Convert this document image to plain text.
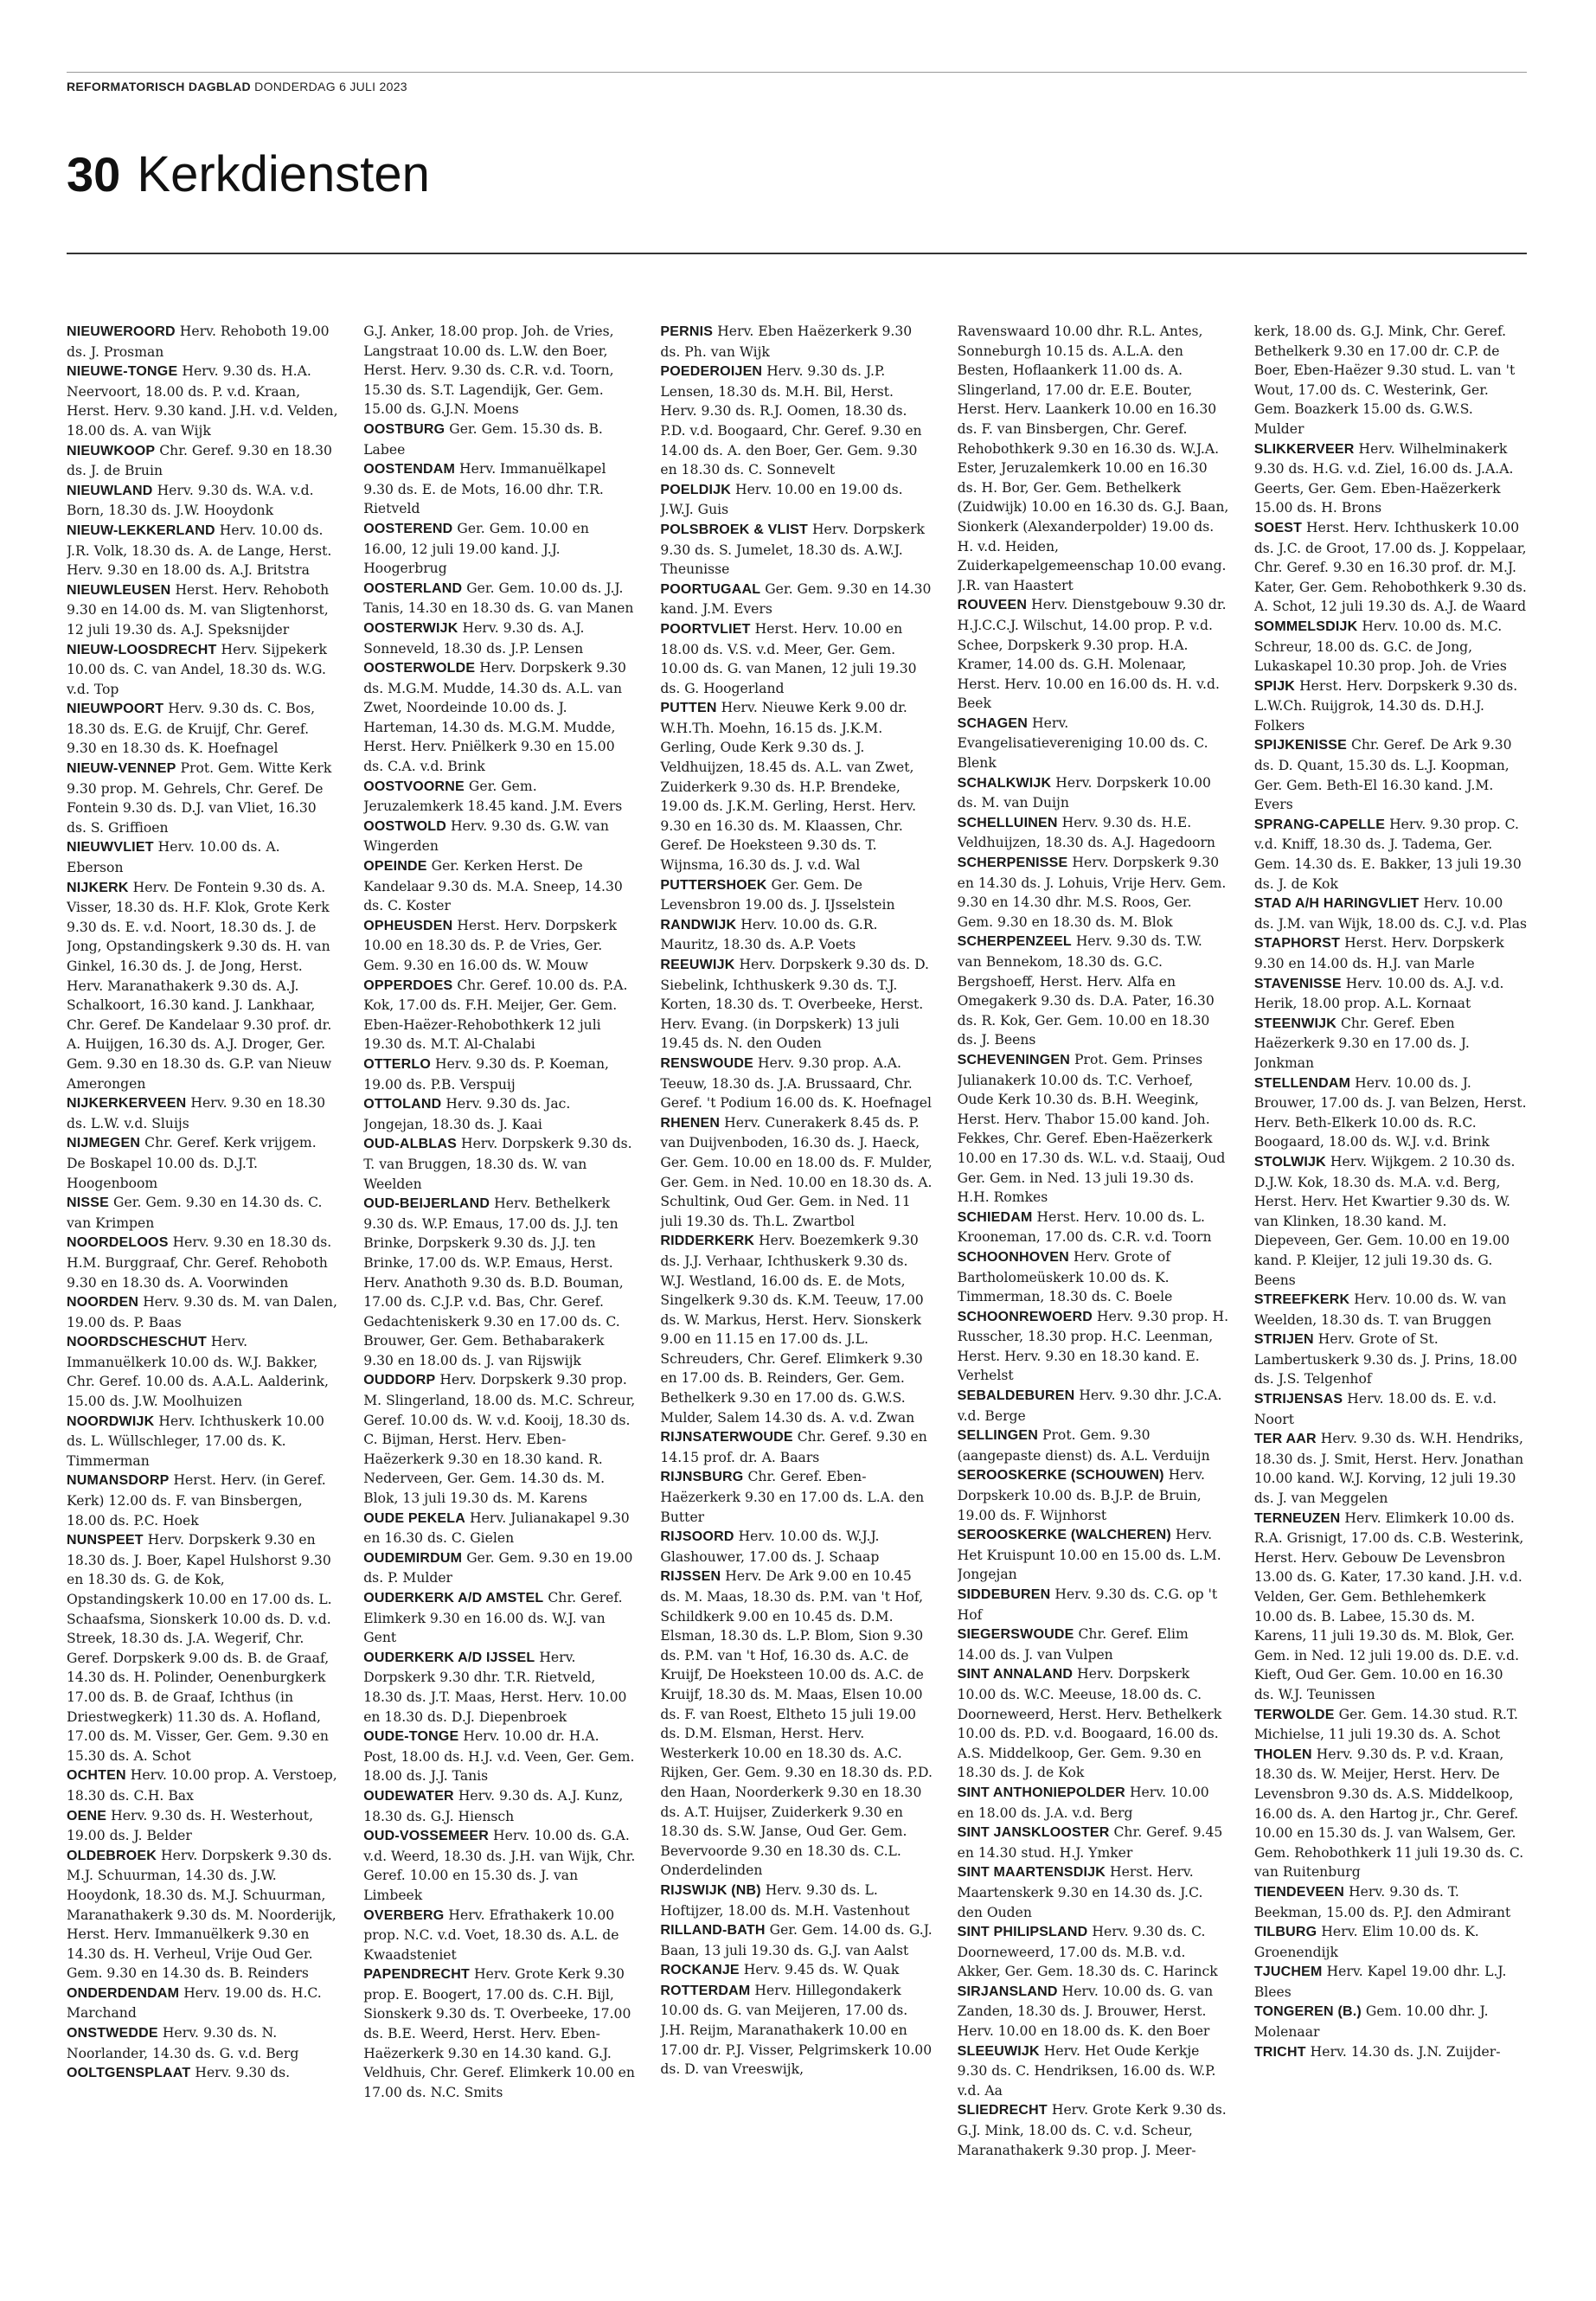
REFORMATORISCH DAGBLAD DONDERDAG 6 JULI 2023
30 Kerkdiensten

NIEUWEROORD Herv. Rehoboth 19.00 ds. J. Prosman

NIEUWE-TONGE Herv. 9.30 ds. H.A. Neervoort, 18.00 ds. P. v.d. Kraan, Herst. Herv. 9.30 kand. J.H. v.d. Velden, 18.00 ds. A. van Wijk

NIEUWKOOP Chr. Geref. 9.30 en 18.30 ds. J. de Bruin

NIEUWLAND Herv. 9.30 ds. W.A. v.d. Born, 18.30 ds. J.W. Hooydonk

NIEUW-LEKKERLAND Herv. 10.00 ds. J.R. Volk, 18.30 ds. A. de Lange, Herst. Herv. 9.30 en 18.00 ds. A.J. Britstra

NIEUWLEUSEN Herst. Herv. Rehoboth 9.30 en 14.00 ds. M. van Sligtenhorst, 12 juli 19.30 ds. A.J. Speksnijder

NIEUW-LOOSDRECHT Herv. Sijpekerk 10.00 ds. C. van Andel, 18.30 ds. W.G. v.d. Top

NIEUWPOORT Herv. 9.30 ds. C. Bos, 18.30 ds. E.G. de Kruijf, Chr. Geref. 9.30 en 18.30 ds. K. Hoefnagel

NIEUW-VENNEP Prot. Gem. Witte Kerk 9.30 prop. M. Gehrels, Chr. Geref. De Fontein 9.30 ds. D.J. van Vliet, 16.30 ds. S. Griffioen

NIEUWVLIET Herv. 10.00 ds. A. Eberson

NIJKERK Herv. De Fontein 9.30 ds. A. Visser, 18.30 ds. H.F. Klok, Grote Kerk 9.30 ds. E. v.d. Noort, 18.30 ds. J. de Jong, Opstandingskerk 9.30 ds. H. van Ginkel, 16.30 ds. J. de Jong, Herst. Herv. Maranathakerk 9.30 ds. A.J. Schalkoort, 16.30 kand. J. Lankhaar, Chr. Geref. De Kandelaar 9.30 prof. dr. A. Huijgen, 16.30 ds. A.J. Droger, Ger. Gem. 9.30 en 18.30 ds. G.P. van Nieuw Amerongen

NIJKERKERVEEN Herv. 9.30 en 18.30 ds. L.W. v.d. Sluijs

NIJMEGEN Chr. Geref. Kerk vrijgem. De Boskapel 10.00 ds. D.J.T. Hoogenboom

NISSE Ger. Gem. 9.30 en 14.30 ds. C. van Krimpen

NOORDELOOS Herv. 9.30 en 18.30 ds. H.M. Burggraaf, Chr. Geref. Rehoboth 9.30 en 18.30 ds. A. Voorwinden

NOORDEN Herv. 9.30 ds. M. van Dalen, 19.00 ds. P. Baas

NOORDSCHESCHUT Herv. Immanuëlkerk 10.00 ds. W.J. Bakker, Chr. Geref. 10.00 ds. A.A.L. Aalderink, 15.00 ds. J.W. Moolhuizen

NOORDWIJK Herv. Ichthuskerk 10.00 ds. L. Wüllschleger, 17.00 ds. K. Timmerman

NUMANSDORP Herst. Herv. (in Geref. Kerk) 12.00 ds. F. van Binsbergen, 18.00 ds. P.C. Hoek

NUNSPEET Herv. Dorpskerk 9.30 en 18.30 ds. J. Boer, Kapel Hulshorst 9.30 en 18.30 ds. G. de Kok, Opstandingskerk 10.00 en 17.00 ds. L. Schaafsma, Sionskerk 10.00 ds. D. v.d. Streek, 18.30 ds. J.A. Wegerif, Chr. Geref. Dorpskerk 9.00 ds. B. de Graaf, 14.30 ds. H. Polinder, Oenenburgkerk 17.00 ds. B. de Graaf, Ichthus (in Driestwegkerk) 11.30 ds. A. Hofland, 17.00 ds. M. Visser, Ger. Gem. 9.30 en 15.30 ds. A. Schot

OCHTEN Herv. 10.00 prop. A. Verstoep, 18.30 ds. C.H. Bax

OENE Herv. 9.30 ds. H. Westerhout, 19.00 ds. J. Belder

OLDEBROEK Herv. Dorpskerk 9.30 ds. M.J. Schuurman, 14.30 ds. J.W. Hooydonk, 18.30 ds. M.J. Schuurman, Maranathakerk 9.30 ds. M. Noorderijk, Herst. Herv. Immanuëlkerk 9.30 en 14.30 ds. H. Verheul, Vrije Oud Ger. Gem. 9.30 en 14.30 ds. B. Reinders

ONDERDENDAM Herv. 19.00 ds. H.C. Marchand

ONSTWEDDE Herv. 9.30 ds. N. Noorlander, 14.30 ds. G. v.d. Berg

OOLTGENSPLAAT Herv. 9.30 ds.

G.J. Anker, 18.00 prop. Joh. de Vries, Langstraat 10.00 ds. L.W. den Boer, Herst. Herv. 9.30 ds. C.R. v.d. Toorn, 15.30 ds. S.T. Lagendijk, Ger. Gem. 15.00 ds. G.J.N. Moens

OOSTBURG Ger. Gem. 15.30 ds. B. Labee

OOSTENDAM Herv. Immanuëlkapel 9.30 ds. E. de Mots, 16.00 dhr. T.R. Rietveld

OOSTEREND Ger. Gem. 10.00 en 16.00, 12 juli 19.00 kand. J.J. Hoogerbrug

OOSTERLAND Ger. Gem. 10.00 ds. J.J. Tanis, 14.30 en 18.30 ds. G. van Manen

OOSTERWIJK Herv. 9.30 ds. A.J. Sonneveld, 18.30 ds. J.P. Lensen

OOSTERWOLDE Herv. Dorpskerk 9.30 ds. M.G.M. Mudde, 14.30 ds. A.L. van Zwet, Noordeinde 10.00 ds. J. Harteman, 14.30 ds. M.G.M. Mudde, Herst. Herv. Pniëlkerk 9.30 en 15.00 ds. C.A. v.d. Brink

OOSTVOORNE Ger. Gem. Jeruzalemkerk 18.45 kand. J.M. Evers

OOSTWOLD Herv. 9.30 ds. G.W. van Wingerden

OPEINDE Ger. Kerken Herst. De Kandelaar 9.30 ds. M.A. Sneep, 14.30 ds. C. Koster

OPHEUSDEN Herst. Herv. Dorpskerk 10.00 en 18.30 ds. P. de Vries, Ger. Gem. 9.30 en 16.00 ds. W. Mouw

OPPERDOES Chr. Geref. 10.00 ds. P.A. Kok, 17.00 ds. F.H. Meijer, Ger. Gem. Eben-Haëzer-Rehobothkerk 12 juli 19.30 ds. M.T. Al-Chalabi

OTTERLO Herv. 9.30 ds. P. Koeman, 19.00 ds. P.B. Verspuij

OTTOLAND Herv. 9.30 ds. Jac. Jongejan, 18.30 ds. J. Kaai

OUD-ALBLAS Herv. Dorpskerk 9.30 ds. T. van Bruggen, 18.30 ds. W. van Weelden

OUD-BEIJERLAND Herv. Bethelkerk 9.30 ds. W.P. Emaus, 17.00 ds. J.J. ten Brinke, Dorpskerk 9.30 ds. J.J. ten Brinke, 17.00 ds. W.P. Emaus, Herst. Herv. Anathoth 9.30 ds. B.D. Bouman, 17.00 ds. C.J.P. v.d. Bas, Chr. Geref. Gedachteniskerk 9.30 en 17.00 ds. C. Brouwer, Ger. Gem. Bethabarakerk 9.30 en 18.00 ds. J. van Rijswijk

OUDDORP Herv. Dorpskerk 9.30 prop. M. Slingerland, 18.00 ds. M.C. Schreur, Geref. 10.00 ds. W. v.d. Kooij, 18.30 ds. C. Bijman, Herst. Herv. Eben-Haëzerkerk 9.30 en 18.30 kand. R. Nederveen, Ger. Gem. 14.30 ds. M. Blok, 13 juli 19.30 ds. M. Karens

OUDE PEKELA Herv. Julianakapel 9.30 en 16.30 ds. C. Gielen

OUDEMIRDUM Ger. Gem. 9.30 en 19.00 ds. P. Mulder

OUDERKERK A/D AMSTEL Chr. Geref. Elimkerk 9.30 en 16.00 ds. W.J. van Gent

OUDERKERK A/D IJSSEL Herv. Dorpskerk 9.30 dhr. T.R. Rietveld, 18.30 ds. J.T. Maas, Herst. Herv. 10.00 en 18.30 ds. D.J. Diepenbroek

OUDE-TONGE Herv. 10.00 dr. H.A. Post, 18.00 ds. H.J. v.d. Veen, Ger. Gem. 18.00 ds. J.J. Tanis

OUDEWATER Herv. 9.30 ds. A.J. Kunz, 18.30 ds. G.J. Hiensch

OUD-VOSSEMEER Herv. 10.00 ds. G.A. v.d. Weerd, 18.30 ds. J.H. van Wijk, Chr. Geref. 10.00 en 15.30 ds. J. van Limbeek

OVERBERG Herv. Efrathakerk 10.00 prop. N.C. v.d. Voet, 18.30 ds. A.L. de Kwaadsteniet

PAPENDRECHT Herv. Grote Kerk 9.30 prop. E. Boogert, 17.00 ds. C.H. Bijl, Sionskerk 9.30 ds. T. Overbeeke, 17.00 ds. B.E. Weerd, Herst. Herv. Eben-Haëzerkerk 9.30 en 14.30 kand. G.J. Veldhuis, Chr. Geref. Elimkerk 10.00 en 17.00 ds. N.C. Smits

PERNIS Herv. Eben Haëzerkerk 9.30 ds. Ph. van Wijk

POEDEROIJEN Herv. 9.30 ds. J.P. Lensen, 18.30 ds. M.H. Bil, Herst. Herv. 9.30 ds. R.J. Oomen, 18.30 ds. P.D. v.d. Boogaard, Chr. Geref. 9.30 en 14.00 ds. A. den Boer, Ger. Gem. 9.30 en 18.30 ds. C. Sonnevelt

POELDIJK Herv. 10.00 en 19.00 ds. J.W.J. Guis

POLSBROEK & VLIST Herv. Dorpskerk 9.30 ds. S. Jumelet, 18.30 ds. A.W.J. Theunisse

POORTUGAAL Ger. Gem. 9.30 en 14.30 kand. J.M. Evers

POORTVLIET Herst. Herv. 10.00 en 18.00 ds. V.S. v.d. Meer, Ger. Gem. 10.00 ds. G. van Manen, 12 juli 19.30 ds. G. Hoogerland

PUTTEN Herv. Nieuwe Kerk 9.00 dr. W.H.Th. Moehn, 16.15 ds. J.K.M. Gerling, Oude Kerk 9.30 ds. J. Veldhuijzen, 18.45 ds. A.L. van Zwet, Zuiderkerk 9.30 ds. H.P. Brendeke, 19.00 ds. J.K.M. Gerling, Herst. Herv. 9.30 en 16.30 ds. M. Klaassen, Chr. Geref. De Hoeksteen 9.30 ds. T. Wijnsma, 16.30 ds. J. v.d. Wal

PUTTERSHOEK Ger. Gem. De Levensbron 19.00 ds. J. IJsselstein

RANDWIJK Herv. 10.00 ds. G.R. Mauritz, 18.30 ds. A.P. Voets

REEUWIJK Herv. Dorpskerk 9.30 ds. D. Siebelink, Ichthuskerk 9.30 ds. T.J. Korten, 18.30 ds. T. Overbeeke, Herst. Herv. Evang. (in Dorpskerk) 13 juli 19.45 ds. N. den Ouden

RENSWOUDE Herv. 9.30 prop. A.A. Teeuw, 18.30 ds. J.A. Brussaard, Chr. Geref. 't Podium 16.00 ds. K. Hoefnagel

RHENEN Herv. Cunerakerk 8.45 ds. P. van Duijvenboden, 16.30 ds. J. Haeck, Ger. Gem. 10.00 en 18.00 ds. F. Mulder, Ger. Gem. in Ned. 10.00 en 18.30 ds. A. Schultink, Oud Ger. Gem. in Ned. 11 juli 19.30 ds. Th.L. Zwartbol

RIDDERKERK Herv. Boezemkerk 9.30 ds. J.J. Verhaar, Ichthuskerk 9.30 ds. W.J. Westland, 16.00 ds. E. de Mots, Singelkerk 9.30 ds. K.M. Teeuw, 17.00 ds. W. Markus, Herst. Herv. Sionskerk 9.00 en 11.15 en 17.00 ds. J.L. Schreuders, Chr. Geref. Elimkerk 9.30 en 17.00 ds. B. Reinders, Ger. Gem. Bethelkerk 9.30 en 17.00 ds. G.W.S. Mulder, Salem 14.30 ds. A. v.d. Zwan

RIJNSATERWOUDE Chr. Geref. 9.30 en 14.15 prof. dr. A. Baars

RIJNSBURG Chr. Geref. Eben-Haëzerkerk 9.30 en 17.00 ds. L.A. den Butter

RIJSOORD Herv. 10.00 ds. W.J.J. Glashouwer, 17.00 ds. J. Schaap

RIJSSEN Herv. De Ark 9.00 en 10.45 ds. M. Maas, 18.30 ds. P.M. van 't Hof, Schildkerk 9.00 en 10.45 ds. D.M. Elsman, 18.30 ds. L.P. Blom, Sion 9.30 ds. P.M. van 't Hof, 16.30 ds. A.C. de Kruijf, De Hoeksteen 10.00 ds. A.C. de Kruijf, 18.30 ds. M. Maas, Elsen 10.00 ds. F. van Roest, Eltheto 15 juli 19.00 ds. D.M. Elsman, Herst. Herv. Westerkerk 10.00 en 18.30 ds. A.C. Rijken, Ger. Gem. 9.30 en 18.30 ds. P.D. den Haan, Noorderkerk 9.30 en 18.30 ds. A.T. Huijser, Zuiderkerk 9.30 en 18.30 ds. S.W. Janse, Oud Ger. Gem. Bevervoorde 9.30 en 18.30 ds. C.L. Onderdelinden

RIJSWIJK (NB) Herv. 9.30 ds. L. Hoftijzer, 18.00 ds. M.H. Vastenhout

RILLAND-BATH Ger. Gem. 14.00 ds. G.J. Baan, 13 juli 19.30 ds. G.J. van Aalst

ROCKANJE Herv. 9.45 ds. W. Quak

ROTTERDAM Herv. Hillegondakerk 10.00 ds. G. van Meijeren, 17.00 ds. J.H. Reijm, Maranathakerk 10.00 en 17.00 dr. P.J. Visser, Pelgrimskerk 10.00 ds. D. van Vreeswijk,

Ravenswaard 10.00 dhr. R.L. Antes, Sonneburgh 10.15 ds. A.L.A. den Besten, Hoflaankerk 11.00 ds. A. Slingerland, 17.00 dr. E.E. Bouter, Herst. Herv. Laankerk 10.00 en 16.30 ds. F. van Binsbergen, Chr. Geref. Rehobothkerk 9.30 en 16.30 ds. W.J.A. Ester, Jeruzalemkerk 10.00 en 16.30 ds. H. Bor, Ger. Gem. Bethelkerk (Zuidwijk) 10.00 en 16.30 ds. G.J. Baan, Sionkerk (Alexanderpolder) 19.00 ds. H. v.d. Heiden, Zuiderkapelgemeenschap 10.00 evang. J.R. van Haastert

ROUVEEN Herv. Dienstgebouw 9.30 dr. H.J.C.C.J. Wilschut, 14.00 prop. P. v.d. Schee, Dorpskerk 9.30 prop. H.A. Kramer, 14.00 ds. G.H. Molenaar, Herst. Herv. 10.00 en 16.00 ds. H. v.d. Beek

SCHAGEN Herv. Evangelisatievereniging 10.00 ds. C. Blenk

SCHALKWIJK Herv. Dorpskerk 10.00 ds. M. van Duijn

SCHELLUINEN Herv. 9.30 ds. H.E. Veldhuijzen, 18.30 ds. A.J. Hagedoorn

SCHERPENISSE Herv. Dorpskerk 9.30 en 14.30 ds. J. Lohuis, Vrije Herv. Gem. 9.30 en 14.30 dhr. M.S. Roos, Ger. Gem. 9.30 en 18.30 ds. M. Blok

SCHERPENZEEL Herv. 9.30 ds. T.W. van Bennekom, 18.30 ds. G.C. Bergshoeff, Herst. Herv. Alfa en Omegakerk 9.30 ds. D.A. Pater, 16.30 ds. R. Kok, Ger. Gem. 10.00 en 18.30 ds. J. Beens

SCHEVENINGEN Prot. Gem. Prinses Julianakerk 10.00 ds. T.C. Verhoef, Oude Kerk 10.30 ds. B.H. Weegink, Herst. Herv. Thabor 15.00 kand. Joh. Fekkes, Chr. Geref. Eben-Haëzerkerk 10.00 en 17.30 ds. W.L. v.d. Staaij, Oud Ger. Gem. in Ned. 13 juli 19.30 ds. H.H. Romkes

SCHIEDAM Herst. Herv. 10.00 ds. L. Krooneman, 17.00 ds. C.R. v.d. Toorn

SCHOONHOVEN Herv. Grote of Bartholomeüskerk 10.00 ds. K. Timmerman, 18.30 ds. C. Boele

SCHOONREWOERD Herv. 9.30 prop. H. Russcher, 18.30 prop. H.C. Leenman, Herst. Herv. 9.30 en 18.30 kand. E. Verhelst

SEBALDEBUREN Herv. 9.30 dhr. J.C.A. v.d. Berge

SELLINGEN Prot. Gem. 9.30 (aangepaste dienst) ds. A.L. Verduijn

SEROOSKERKE (SCHOUWEN) Herv. Dorpskerk 10.00 ds. B.J.P. de Bruin, 19.00 ds. F. Wijnhorst

SEROOSKERKE (WALCHEREN) Herv. Het Kruispunt 10.00 en 15.00 ds. L.M. Jongejan

SIDDEBUREN Herv. 9.30 ds. C.G. op 't Hof

SIEGERSWOUDE Chr. Geref. Elim 14.00 ds. J. van Vulpen

SINT ANNALAND Herv. Dorpskerk 10.00 ds. W.C. Meeuse, 18.00 ds. C. Doorneweerd, Herst. Herv. Bethelkerk 10.00 ds. P.D. v.d. Boogaard, 16.00 ds. A.S. Middelkoop, Ger. Gem. 9.30 en 18.30 ds. J. de Kok

SINT ANTHONIEPOLDER Herv. 10.00 en 18.00 ds. J.A. v.d. Berg

SINT JANSKLOOSTER Chr. Geref. 9.45 en 14.30 stud. H.J. Ymker

SINT MAARTENSDIJK Herst. Herv. Maartenskerk 9.30 en 14.30 ds. J.C. den Ouden

SINT PHILIPSLAND Herv. 9.30 ds. C. Doorneweerd, 17.00 ds. M.B. v.d. Akker, Ger. Gem. 18.30 ds. C. Harinck

SIRJANSLAND Herv. 10.00 ds. G. van Zanden, 18.30 ds. J. Brouwer, Herst. Herv. 10.00 en 18.00 ds. K. den Boer

SLEEUWIJK Herv. Het Oude Kerkje 9.30 ds. C. Hendriksen, 16.00 ds. W.P. v.d. Aa

SLIEDRECHT Herv. Grote Kerk 9.30 ds. G.J. Mink, 18.00 ds. C. v.d. Scheur, Maranathakerk 9.30 prop. J. Meer-

kerk, 18.00 ds. G.J. Mink, Chr. Geref. Bethelkerk 9.30 en 17.00 dr. C.P. de Boer, Eben-Haëzer 9.30 stud. L. van 't Wout, 17.00 ds. C. Westerink, Ger. Gem. Boazkerk 15.00 ds. G.W.S. Mulder

SLIKKERVEER Herv. Wilhelminakerk 9.30 ds. H.G. v.d. Ziel, 16.00 ds. J.A.A. Geerts, Ger. Gem. Eben-Haëzerkerk 15.00 ds. H. Brons

SOEST Herst. Herv. Ichthuskerk 10.00 ds. J.C. de Groot, 17.00 ds. J. Koppelaar, Chr. Geref. 9.30 en 16.30 prof. dr. M.J. Kater, Ger. Gem. Rehobothkerk 9.30 ds. A. Schot, 12 juli 19.30 ds. A.J. de Waard

SOMMELSDIJK Herv. 10.00 ds. M.C. Schreur, 18.00 ds. G.C. de Jong, Lukaskapel 10.30 prop. Joh. de Vries

SPIJK Herst. Herv. Dorpskerk 9.30 ds. L.W.Ch. Ruijgrok, 14.30 ds. D.H.J. Folkers

SPIJKENISSE Chr. Geref. De Ark 9.30 ds. D. Quant, 15.30 ds. L.J. Koopman, Ger. Gem. Beth-El 16.30 kand. J.M. Evers

SPRANG-CAPELLE Herv. 9.30 prop. C. v.d. Kniff, 18.30 ds. J. Tadema, Ger. Gem. 14.30 ds. E. Bakker, 13 juli 19.30 ds. J. de Kok

STAD A/H HARINGVLIET Herv. 10.00 ds. J.M. van Wijk, 18.00 ds. C.J. v.d. Plas

STAPHORST Herst. Herv. Dorpskerk 9.30 en 14.00 ds. H.J. van Marle

STAVENISSE Herv. 10.00 ds. A.J. v.d. Herik, 18.00 prop. A.L. Kornaat

STEENWIJK Chr. Geref. Eben Haëzerkerk 9.30 en 17.00 ds. J. Jonkman

STELLENDAM Herv. 10.00 ds. J. Brouwer, 17.00 ds. J. van Belzen, Herst. Herv. Beth-Elkerk 10.00 ds. R.C. Boogaard, 18.00 ds. W.J. v.d. Brink

STOLWIJK Herv. Wijkgem. 2 10.30 ds. D.J.W. Kok, 18.30 ds. M.A. v.d. Berg, Herst. Herv. Het Kwartier 9.30 ds. W. van Klinken, 18.30 kand. M. Diepeveen, Ger. Gem. 10.00 en 19.00 kand. P. Kleijer, 12 juli 19.30 ds. G. Beens

STREEFKERK Herv. 10.00 ds. W. van Weelden, 18.30 ds. T. van Bruggen

STRIJEN Herv. Grote of St. Lambertuskerk 9.30 ds. J. Prins, 18.00 ds. J.S. Telgenhof

STRIJENSAS Herv. 18.00 ds. E. v.d. Noort

TER AAR Herv. 9.30 ds. W.H. Hendriks, 18.30 ds. J. Smit, Herst. Herv. Jonathan 10.00 kand. W.J. Korving, 12 juli 19.30 ds. J. van Meggelen

TERNEUZEN Herv. Elimkerk 10.00 ds. R.A. Grisnigt, 17.00 ds. C.B. Westerink, Herst. Herv. Gebouw De Levensbron 13.00 ds. G. Kater, 17.30 kand. J.H. v.d. Velden, Ger. Gem. Bethlehemkerk 10.00 ds. B. Labee, 15.30 ds. M. Karens, 11 juli 19.30 ds. M. Blok, Ger. Gem. in Ned. 12 juli 19.00 ds. D.E. v.d. Kieft, Oud Ger. Gem. 10.00 en 16.30 ds. W.J. Teunissen

TERWOLDE Ger. Gem. 14.30 stud. R.T. Michielse, 11 juli 19.30 ds. A. Schot

THOLEN Herv. 9.30 ds. P. v.d. Kraan, 18.30 ds. W. Meijer, Herst. Herv. De Levensbron 9.30 ds. A.S. Middelkoop, 16.00 ds. A. den Hartog jr., Chr. Geref. 10.00 en 15.30 ds. J. van Walsem, Ger. Gem. Rehobothkerk 11 juli 19.30 ds. C. van Ruitenburg

TIENDEVEEN Herv. 9.30 ds. T. Beekman, 15.00 ds. P.J. den Admirant

TILBURG Herv. Elim 10.00 ds. K. Groenendijk

TJUCHEM Herv. Kapel 19.00 dhr. L.J. Blees

TONGEREN (B.) Gem. 10.00 dhr. J. Molenaar

TRICHT Herv. 14.30 ds. J.N. Zuijder-
